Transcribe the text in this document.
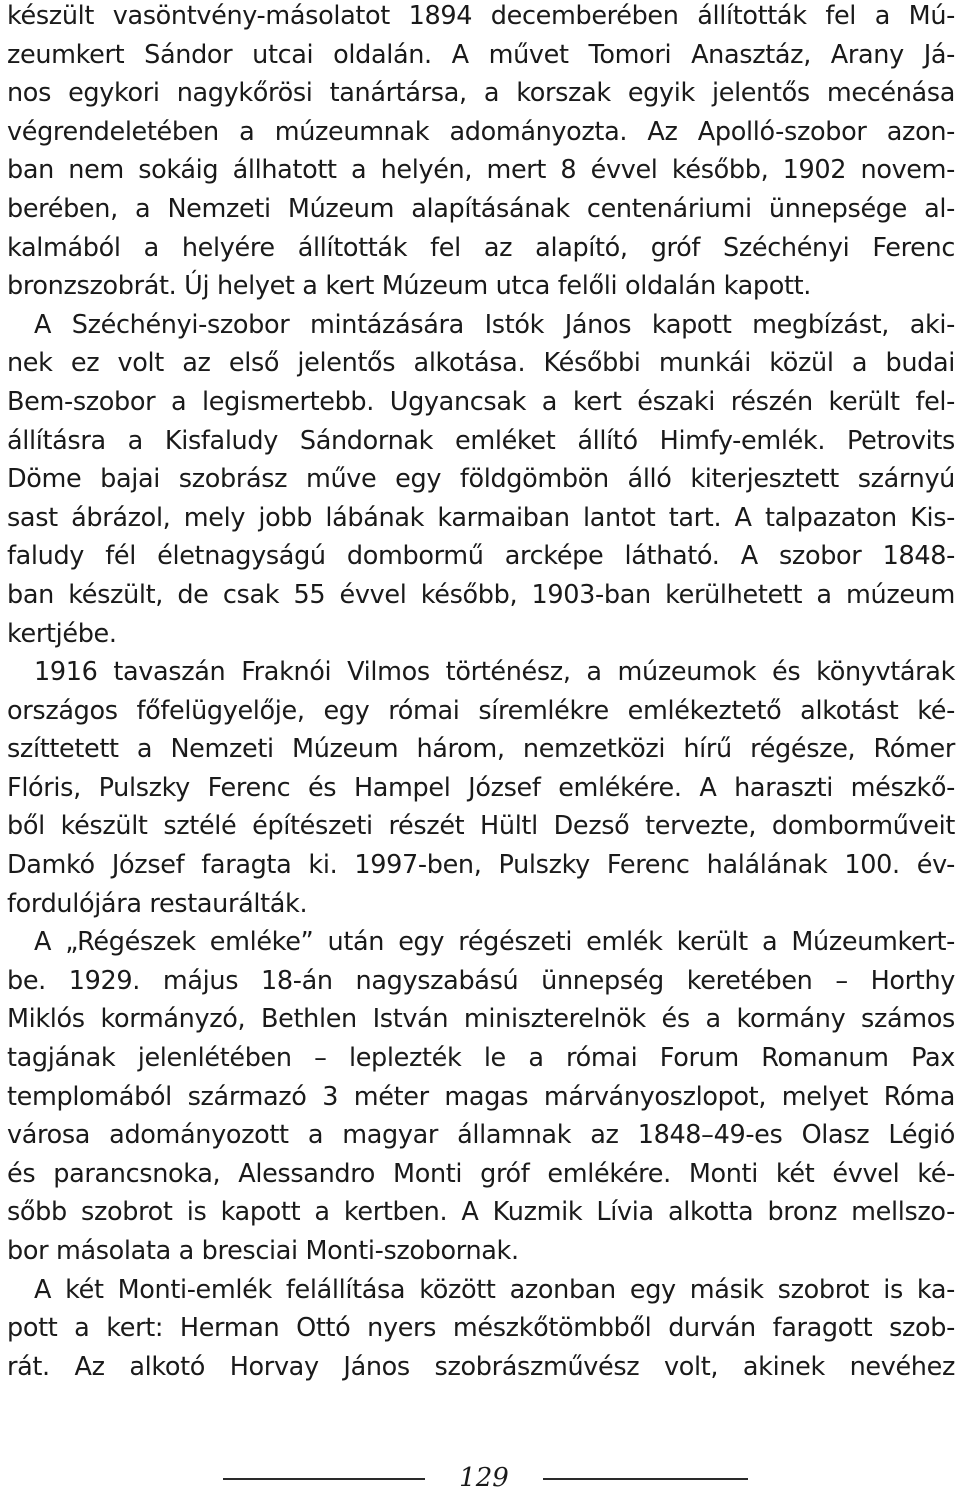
készült vasöntvény-másolatot 1894 decemberében állították fel a Mú-
zeumkert Sándor utcai oldalán. A művet Tomori Anasztáz, Arany Já-
nos egykori nagykőrösi tanártársa, a korszak egyik jelentős mecénása
végrendeletében a múzeumnak adományozta. Az Apolló-szobor azon-
ban nem sokáig állhatott a helyén, mert 8 évvel később, 1902 novem-
berében, a Nemzeti Múzeum alapításának centenáriumi ünnepsége al-
kalmából a helyére állították fel az alapító, gróf Széchényi Ferenc
bronzszobrát. Új helyet a kert Múzeum utca felőli oldalán kapott.
A Széchényi-szobor mintázására Istók János kapott megbízást, aki-
nek ez volt az első jelentős alkotása. Későbbi munkái közül a budai
Bem-szobor a legismertebb. Ugyancsak a kert északi részén került fel-
állításra a Kisfaludy Sándornak emléket állító Himfy-emlék. Petrovits
Döme bajai szobrász műve egy földgömbön álló kiterjesztett szárnyú
sast ábrázol, mely jobb lábának karmaiban lantot tart. A talpazaton Kis-
faludy fél életnagyságú dombormű arcképe látható. A szobor 1848-
ban készült, de csak 55 évvel később, 1903-ban kerülhetett a múzeum
kertjébe.
1916 tavaszán Fraknói Vilmos történész, a múzeumok és könyvtárak
országos főfelügyelője, egy római síremlékre emlékeztető alkotást ké-
szíttetett a Nemzeti Múzeum három, nemzetközi hírű régésze, Rómer
Flóris, Pulszky Ferenc és Hampel József emlékére. A haraszti mészkő-
ből készült sztélé építészeti részét Hültl Dezső tervezte, domborműveit
Damkó József faragta ki. 1997-ben, Pulszky Ferenc halálának 100. év-
fordulójára restaurálták.
A „Régészek emléke” után egy régészeti emlék került a Múzeumkert-
be. 1929. május 18-án nagyszabású ünnepség keretében – Horthy
Miklós kormányzó, Bethlen István miniszterelnök és a kormány számos
tagjának jelenlétében – leplezték le a római Forum Romanum Pax
templomából származó 3 méter magas márványoszlopot, melyet Róma
városa adományozott a magyar államnak az 1848–49-es Olasz Légió
és parancsnoka, Alessandro Monti gróf emlékére. Monti két évvel ké-
sőbb szobrot is kapott a kertben. A Kuzmik Lívia alkotta bronz mellszo-
bor másolata a bresciai Monti-szobornak.
A két Monti-emlék felállítása között azonban egy másik szobrot is ka-
pott a kert: Herman Ottó nyers mészkőtömbből durván faragott szob-
rát. Az alkotó Horvay János szobrászművész volt, akinek nevéhez
129
